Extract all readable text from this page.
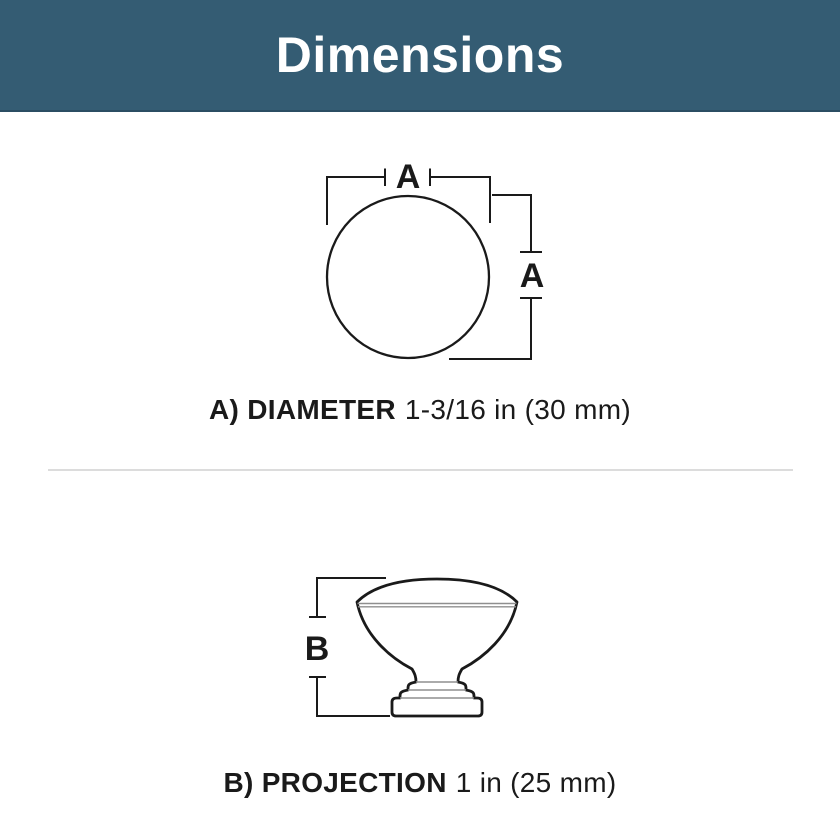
Dimensions
A
A
A) DIAMETER 1-3/16 in (30 mm)
B
B) PROJECTION 1 in (25 mm)
